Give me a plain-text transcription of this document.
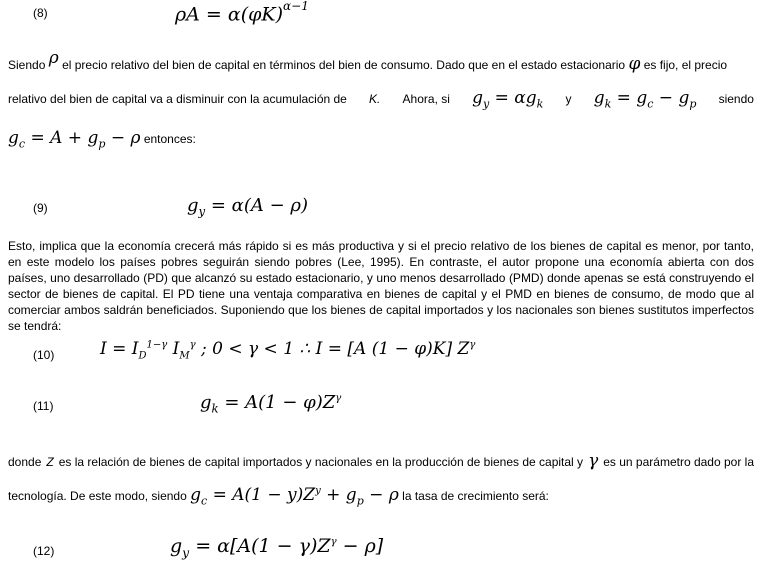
(8)	$\rho A = \alpha(\varphi K)^{\alpha-1}$
Siendo ρ el precio relativo del bien de capital en términos del bien de consumo. Dado que en el estado estacionario φ es fijo, el precio
relativo del bien de capital va a disminuir con la acumulación de K. Ahora, si $g_y = \alpha g_k$ y $g_k = g_c - g_p$ siendo
$g_c = A + g_p - \rho$ entonces:
(9)	$g_y = \alpha(A - \rho)$
Esto, implica que la economía crecerá más rápido si es más productiva y si el precio relativo de los bienes de capital es menor, por tanto, en este modelo los países pobres seguirán siendo pobres (Lee, 1995). En contraste, el autor propone una economía abierta con dos países, uno desarrollado (PD) que alcanzó su estado estacionario, y uno menos desarrollado (PMD) donde apenas se está construyendo el sector de bienes de capital. El PD tiene una ventaja comparativa en bienes de capital y el PMD en bienes de consumo, de modo que al comerciar ambos saldrán beneficiados. Suponiendo que los bienes de capital importados y los nacionales son bienes sustitutos imperfectos se tendrá:
(10)	$I = I_D^{1-\gamma}$ $I_M^\gamma$ ; 0 < γ < 1 ∴ I = [A (1 − φ)K] $Z^\gamma$
(11)	$g_k = A(1 - \varphi)Z^\gamma$
donde Z es la relación de bienes de capital importados y nacionales en la producción de bienes de capital y γ es un parámetro dado por la
tecnología. De este modo, siendo $g_c = A(1 - y)Z^y + g_p - \rho$ la tasa de crecimiento será:
(12)	$g_y = \alpha[A(1 - \gamma)Z^\gamma - \rho]$
